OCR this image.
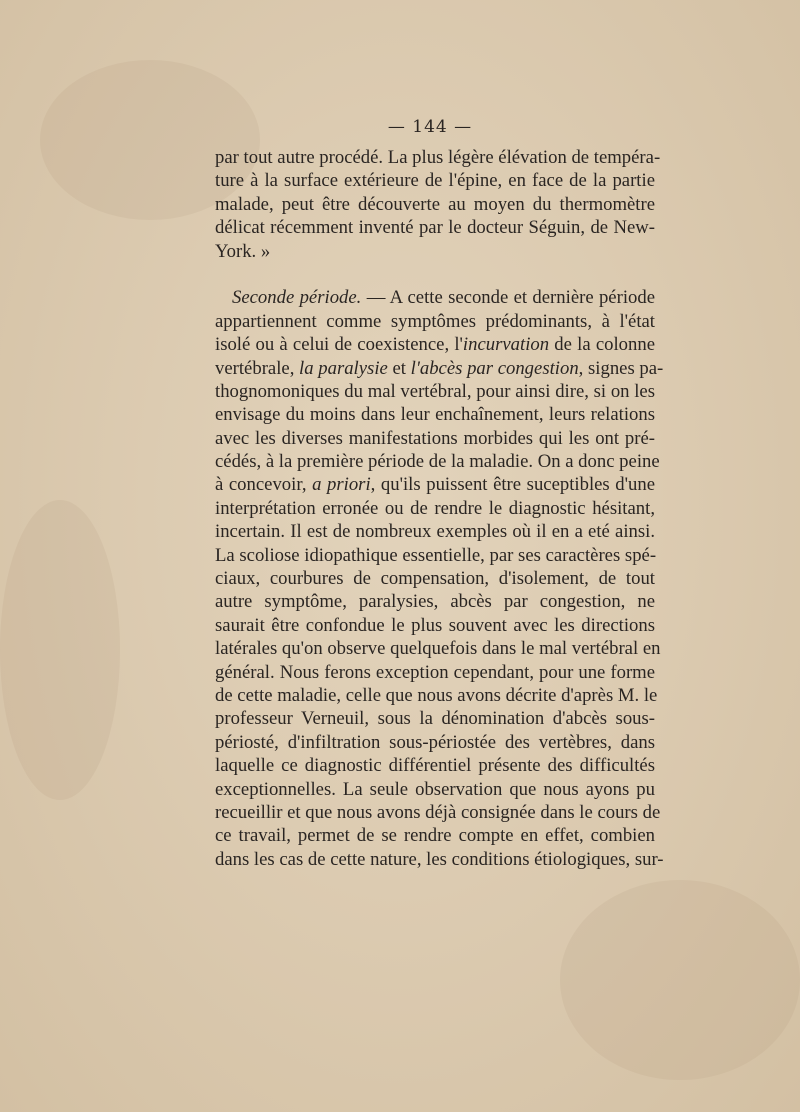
— 144 —
par tout autre procédé. La plus légère élévation de tempéra-
ture à la surface extérieure de l'épine, en face de la partie
malade, peut être découverte au moyen du thermomètre
délicat récemment inventé par le docteur Séguin, de New-
York. »
Seconde période. — A cette seconde et dernière période
appartiennent comme symptômes prédominants, à l'état
isolé ou à celui de coexistence, l'incurvation de la colonne
vertébrale, la paralysie et l'abcès par congestion, signes pa-
thognomoniques du mal vertébral, pour ainsi dire, si on les
envisage du moins dans leur enchaînement, leurs relations
avec les diverses manifestations morbides qui les ont pré-
cédés, à la première période de la maladie. On a donc peine
à concevoir, a priori, qu'ils puissent être suceptibles d'une
interprétation erronée ou de rendre le diagnostic hésitant,
incertain. Il est de nombreux exemples où il en a eté ainsi.
La scoliose idiopathique essentielle, par ses caractères spé-
ciaux, courbures de compensation, d'isolement, de tout
autre symptôme, paralysies, abcès par congestion, ne
saurait être confondue le plus souvent avec les directions
latérales qu'on observe quelquefois dans le mal vertébral en
général. Nous ferons exception cependant, pour une forme
de cette maladie, celle que nous avons décrite d'après M. le
professeur Verneuil, sous la dénomination d'abcès sous-
périosté, d'infiltration sous-périostée des vertèbres, dans
laquelle ce diagnostic différentiel présente des difficultés
exceptionnelles. La seule observation que nous ayons pu
recueillir et que nous avons déjà consignée dans le cours de
ce travail, permet de se rendre compte en effet, combien
dans les cas de cette nature, les conditions étiologiques, sur-
